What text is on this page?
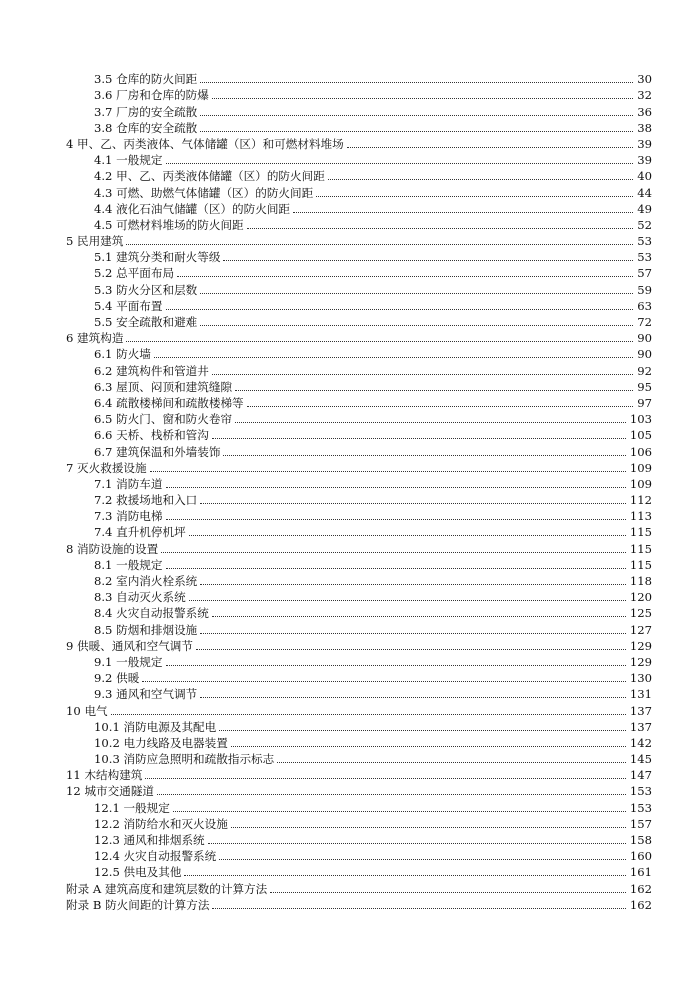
3.5 仓库的防火间距	30
3.6 厂房和仓库的防爆	32
3.7 厂房的安全疏散	36
3.8 仓库的安全疏散	38
4 甲、乙、丙类液体、气体储罐（区）和可燃材料堆场	39
4.1 一般规定	39
4.2 甲、乙、丙类液体储罐（区）的防火间距	40
4.3 可燃、助燃气体储罐（区）的防火间距	44
4.4 液化石油气储罐（区）的防火间距	49
4.5 可燃材料堆场的防火间距	52
5 民用建筑	53
5.1 建筑分类和耐火等级	53
5.2 总平面布局	57
5.3 防火分区和层数	59
5.4 平面布置	63
5.5 安全疏散和避难	72
6 建筑构造	90
6.1 防火墙	90
6.2 建筑构件和管道井	92
6.3 屋顶、闷顶和建筑缝隙	95
6.4 疏散楼梯间和疏散楼梯等	97
6.5 防火门、窗和防火卷帘	103
6.6 天桥、栈桥和管沟	105
6.7 建筑保温和外墙装饰	106
7 灭火救援设施	109
7.1 消防车道	109
7.2 救援场地和入口	112
7.3 消防电梯	113
7.4 直升机停机坪	115
8 消防设施的设置	115
8.1 一般规定	115
8.2 室内消火栓系统	118
8.3 自动灭火系统	120
8.4 火灾自动报警系统	125
8.5 防烟和排烟设施	127
9 供暖、通风和空气调节	129
9.1 一般规定	129
9.2 供暖	130
9.3 通风和空气调节	131
10 电气	137
10.1 消防电源及其配电	137
10.2 电力线路及电器装置	142
10.3 消防应急照明和疏散指示标志	145
11 木结构建筑	147
12 城市交通隧道	153
12.1 一般规定	153
12.2 消防给水和灭火设施	157
12.3 通风和排烟系统	158
12.4 火灾自动报警系统	160
12.5 供电及其他	161
附录 A 建筑高度和建筑层数的计算方法	162
附录 B 防火间距的计算方法	162
